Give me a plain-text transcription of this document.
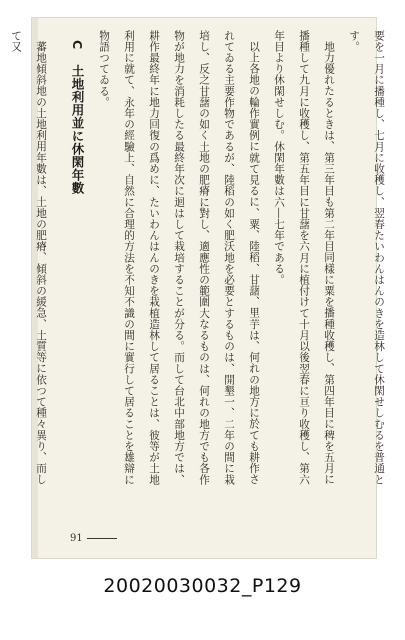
要を一月に播種し、七月に收穫し、翌春たいわんはんのきを造林して休閑せしむるを普通とす。

地力優れたるときは、第三年目も第二年目同樣に粟を播種收穫し、第四年目に稗を五月に播種して九月に收穫し、第五年目に甘藷を六月に植付けて十月以後翌春に亘り收穫し、第六年目より休閑せしむ。休閑年數は六―七年である。

以上各地の輪作實例に就て見るに、粟、陸稻、甘藷、里芋は、何れの地方に於ても耕作されてゐる主要作物であるが、陸稻の如く肥沃地を必要とするものは、開墾一、二年の間に栽培し、反之甘藷の如く土地の肥瘠に對し、適應性の範圍大なるものは、何れの地方でも各作物が地力を消耗したる最終年次に迴はして栽培することが分る。而して台北中部地方では、耕作最終年に地力回復の爲めに、たいわんはんのきを栽植造林して居ることは、彼等が土地利用に就て、永年の經驗上、自然に合理的方法を不知不識の間に實行して居ることを雄辯に物語つてゐる。

C 土地利用並に休閑年數

蕃地傾斜地の土地利用年數は、土地の肥瘠、傾斜の緩急、土質等に依つて種々異り、而して又

91
20020030032_P129
